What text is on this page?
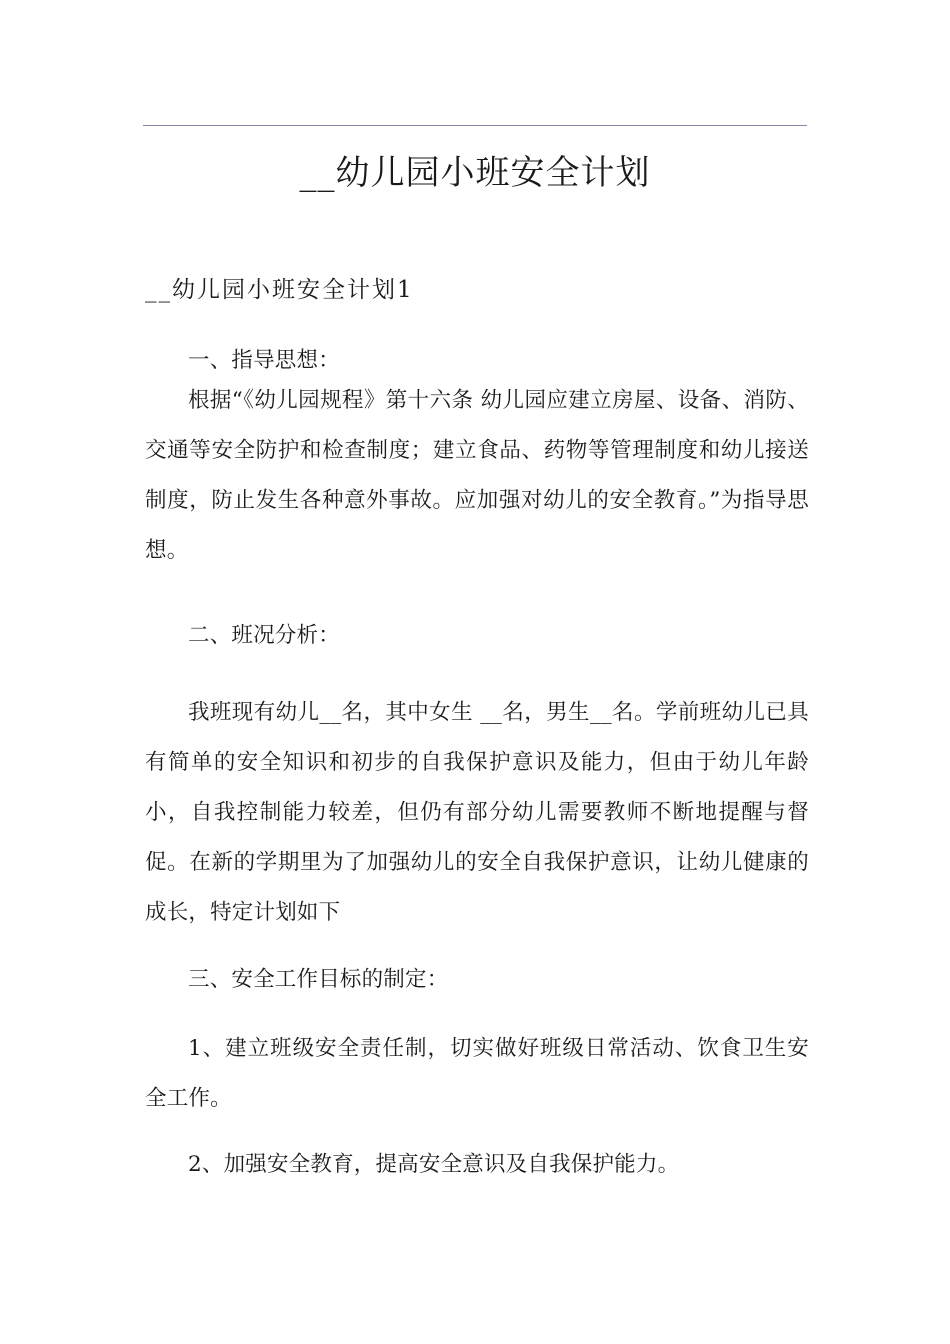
__幼儿园小班安全计划
__幼儿园小班安全计划1

一、指导思想：

根据“《幼儿园规程》第十六条 幼儿园应建立房屋、设备、消防、交通等安全防护和检查制度；建立食品、药物等管理制度和幼儿接送制度，防止发生各种意外事故。应加强对幼儿的安全教育。”为指导思想。

二、班况分析：

我班现有幼儿__名，其中女生 __名，男生__名。学前班幼儿已具有简单的安全知识和初步的自我保护意识及能力，但由于幼儿年龄小，自我控制能力较差，但仍有部分幼儿需要教师不断地提醒与督促。在新的学期里为了加强幼儿的安全自我保护意识，让幼儿健康的成长，特定计划如下

三、安全工作目标的制定：

1、建立班级安全责任制，切实做好班级日常活动、饮食卫生安全工作。

2、加强安全教育，提高安全意识及自我保护能力。
